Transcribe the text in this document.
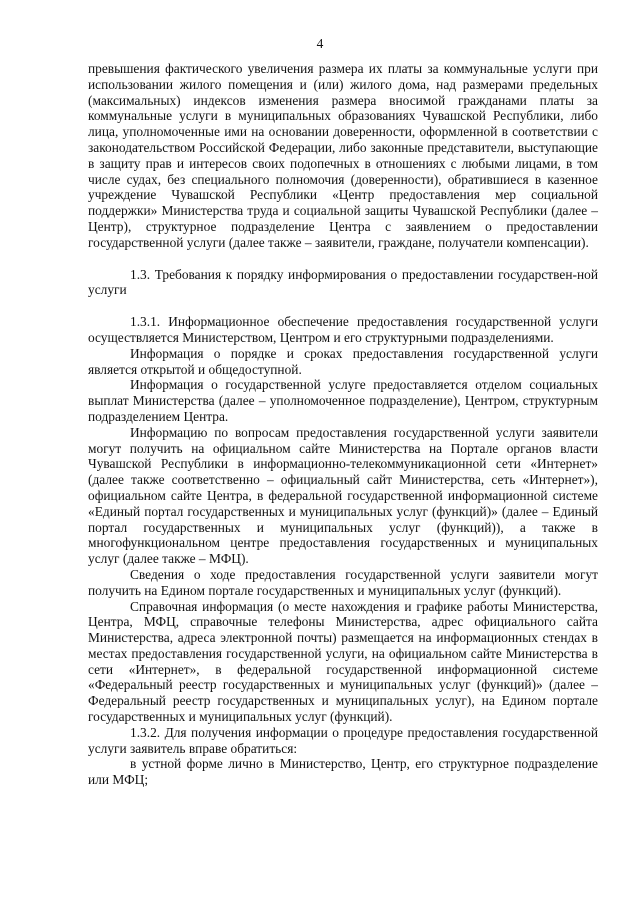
4

превышения фактического увеличения размера их платы за коммунальные услуги при использовании жилого помещения и (или) жилого дома, над размерами предельных (максимальных) индексов изменения размера вносимой гражданами платы за коммунальные услуги в муниципальных образованиях Чувашской Республики, либо лица, уполномоченные ими на основании доверенности, оформленной в соответствии с законодательством Российской Федерации, либо законные представители, выступающие в защиту прав и интересов своих подопечных в отношениях с любыми лицами, в том числе судах, без специального полномочия (доверенности), обратившиеся в казенное учреждение Чувашской Республики «Центр предоставления мер социальной поддержки» Министерства труда и социальной защиты Чувашской Республики (далее – Центр), структурное подразделение Центра с заявлением о предоставлении государственной услуги (далее также – заявители, граждане, получатели компенсации).

1.3. Требования к порядку информирования о предоставлении государствен-ной услуги

1.3.1. Информационное обеспечение предоставления государственной услуги осуществляется Министерством, Центром и его структурными подразделениями.

Информация о порядке и сроках предоставления государственной услуги является открытой и общедоступной.

Информация о государственной услуге предоставляется отделом социальных выплат Министерства (далее – уполномоченное подразделение), Центром, структурным подразделением Центра.

Информацию по вопросам предоставления государственной услуги заявители могут получить на официальном сайте Министерства на Портале органов власти Чувашской Республики в информационно-телекоммуникационной сети «Интернет» (далее также соответственно – официальный сайт Министерства, сеть «Интернет»), официальном сайте Центра, в федеральной государственной информационной системе «Единый портал государственных и муниципальных услуг (функций)» (далее – Единый портал государственных и муниципальных услуг (функций)), а также в многофункциональном центре предоставления государственных и муниципальных услуг (далее также – МФЦ).

Сведения о ходе предоставления государственной услуги заявители могут получить на Едином портале государственных и муниципальных услуг (функций).

Справочная информация (о месте нахождения и графике работы Министерства, Центра, МФЦ, справочные телефоны Министерства, адрес официального сайта Министерства, адреса электронной почты) размещается на информационных стендах в местах предоставления государственной услуги, на официальном сайте Министерства в сети «Интернет», в федеральной государственной информационной системе «Федеральный реестр государственных и муниципальных услуг (функций)» (далее – Федеральный реестр государственных и муниципальных услуг), на Едином портале государственных и муниципальных услуг (функций).

1.3.2. Для получения информации о процедуре предоставления государственной услуги заявитель вправе обратиться:

в устной форме лично в Министерство, Центр, его структурное подразделение или МФЦ;
